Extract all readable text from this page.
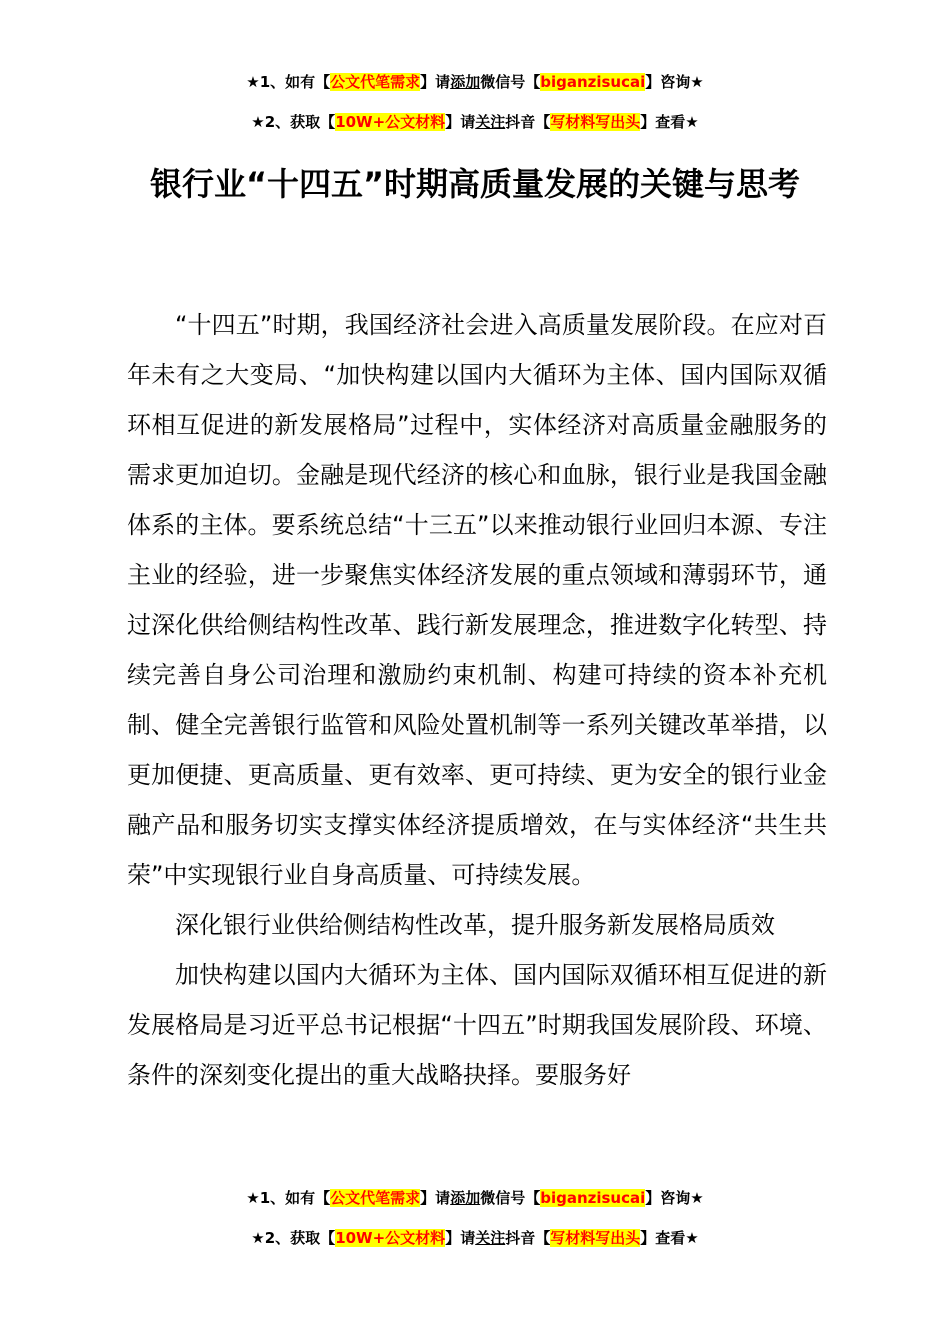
★1、如有【公文代笔需求】请添加微信号【biganzisucai】咨询★
★2、获取【10W+公文材料】请关注抖音【写材料写出头】查看★
银行业“十四五”时期高质量发展的关键与思考

“十四五”时期，我国经济社会进入高质量发展阶段。在应对百年未有之大变局、“加快构建以国内大循环为主体、国内国际双循环相互促进的新发展格局”过程中，实体经济对高质量金融服务的需求更加迫切。金融是现代经济的核心和血脉，银行业是我国金融体系的主体。要系统总结“十三五”以来推动银行业回归本源、专注主业的经验，进一步聚焦实体经济发展的重点领域和薄弱环节，通过深化供给侧结构性改革、践行新发展理念，推进数字化转型、持续完善自身公司治理和激励约束机制、构建可持续的资本补充机制、健全完善银行监管和风险处置机制等一系列关键改革举措，以更加便捷、更高质量、更有效率、更可持续、更为安全的银行业金融产品和服务切实支撑实体经济提质增效，在与实体经济“共生共荣”中实现银行业自身高质量、可持续发展。

深化银行业供给侧结构性改革，提升服务新发展格局质效

加快构建以国内大循环为主体、国内国际双循环相互促进的新发展格局是习近平总书记根据“十四五”时期我国发展阶段、环境、条件的深刻变化提出的重大战略抉择。要服务好

★1、如有【公文代笔需求】请添加微信号【biganzisucai】咨询★
★2、获取【10W+公文材料】请关注抖音【写材料写出头】查看★
